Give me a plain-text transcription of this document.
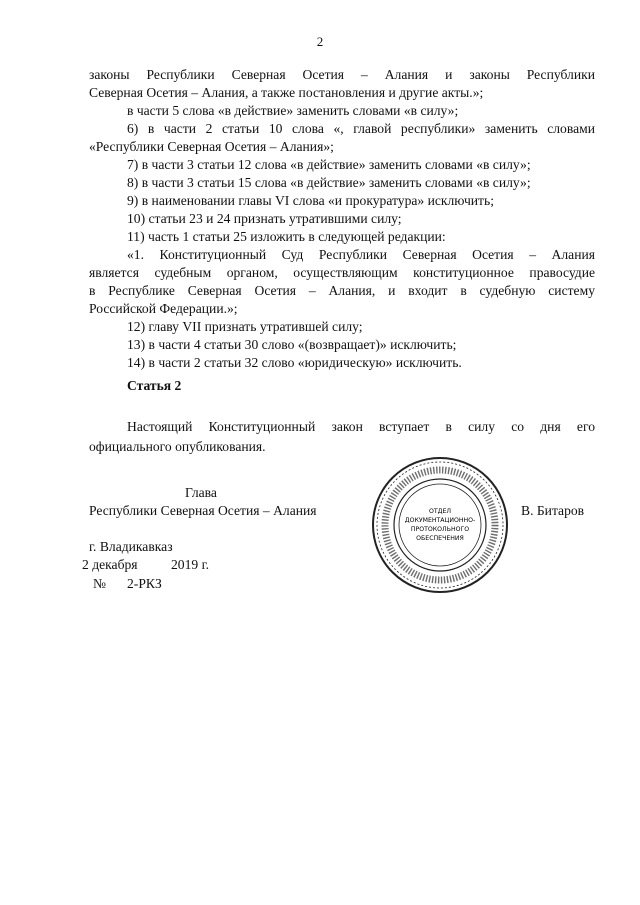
2

законы Республики Северная Осетия – Алания и законы Республики

Северная Осетия – Алания, а также постановления и другие акты.»;

в части 5 слова «в действие» заменить словами «в силу»;

6) в части 2 статьи 10 слова «, главой республики» заменить словами

«Республики Северная Осетия – Алания»;

7) в части 3 статьи 12 слова «в действие» заменить словами «в силу»;

8) в части 3 статьи 15 слова «в действие» заменить словами «в силу»;

9) в наименовании главы VI слова «и прокуратура» исключить;

10) статьи 23 и 24 признать утратившими силу;

11) часть 1 статьи 25 изложить в следующей редакции:

«1. Конституционный Суд Республики Северная Осетия – Алания

является судебным органом, осуществляющим конституционное правосудие

в Республике Северная Осетия – Алания, и входит в судебную систему

Российской Федерации.»;

12) главу VII признать утратившей силу;

13) в части 4 статьи 30 слово «(возвращает)» исключить;

14) в части 2 статьи 32 слово «юридическую» исключить.

Статья 2

Настоящий Конституционный закон вступает в силу со дня его

официального опубликования.

Глава
Республики Северная Осетия – Алания	В. Битаров
ОТДЕЛ
ДОКУМЕНТАЦИОННО-
ПРОТОКОЛЬНОГО
ОБЕСПЕЧЕНИЯ
г. Владикавказ
2 декабря 2019 г.
№ 2-РКЗ
